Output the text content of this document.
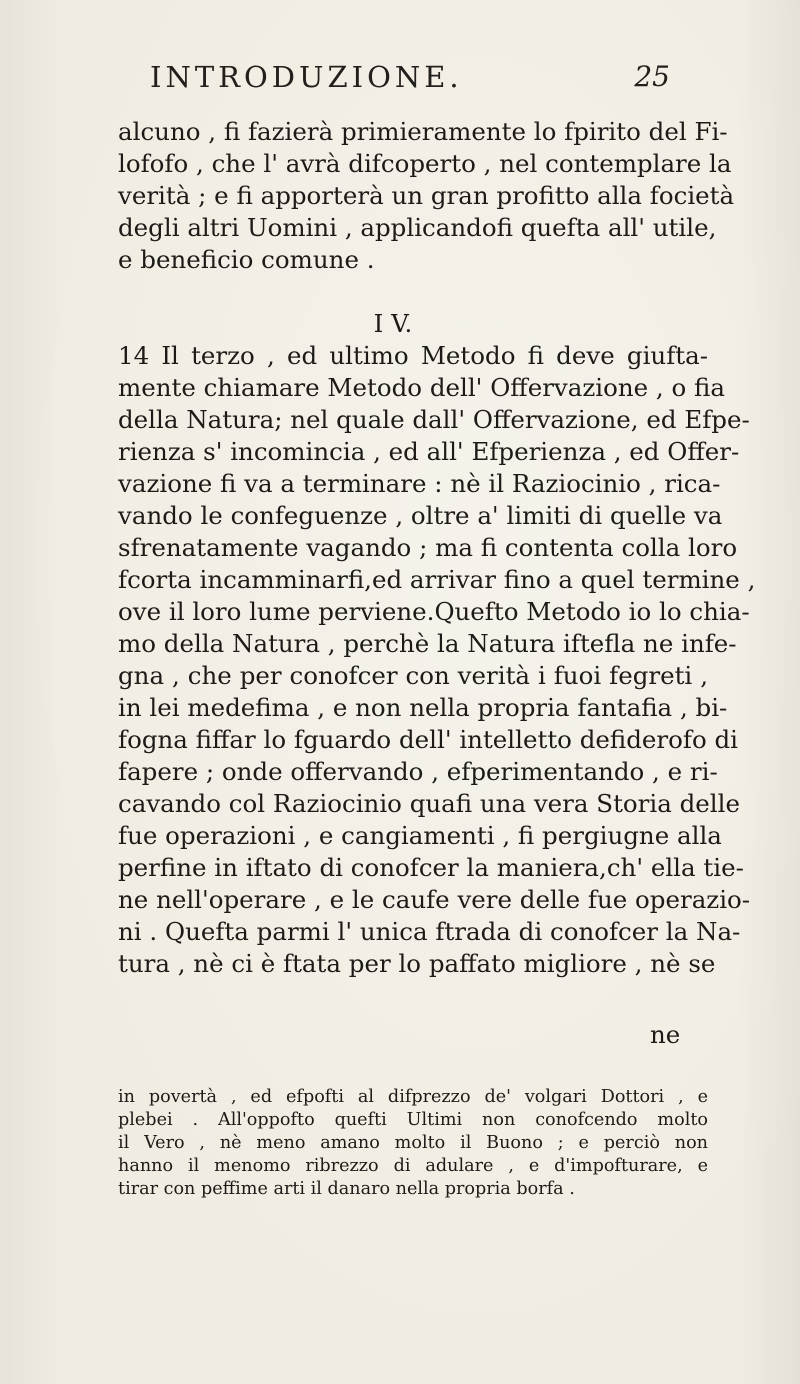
INTRODUZIONE.	25
alcuno , fi fazierà primieramente lo fpirito del Fi-
lofofo , che l' avrà difcoperto , nel contemplare la
verità ; e fi apporterà un gran profitto alla focietà
degli altri Uomini , applicandofi quefta all' utile,
e beneficio comune .
I V.
14 Il terzo , ed ultimo Metodo fi deve giufta-
mente chiamare Metodo dell' Offervazione , o fia
della Natura; nel quale dall' Offervazione, ed Efpe-
rienza s' incomincia , ed all' Efperienza , ed Offer-
vazione fi va a terminare : nè il Raziocinio , rica-
vando le confeguenze , oltre a' limiti di quelle va
sfrenatamente vagando ; ma fi contenta colla loro
fcorta incamminarfi,ed arrivar fino a quel termine ,
ove il loro lume perviene.Quefto Metodo io lo chia-
mo della Natura , perchè la Natura iftefla ne infe-
gna , che per conofcer con verità i fuoi fegreti ,
in lei medefima , e non nella propria fantafia , bi-
fogna fiffar lo fguardo dell' intelletto defiderofo di
fapere ; onde offervando , efperimentando , e ri-
cavando col Raziocinio quafi una vera Storia delle
fue operazioni , e cangiamenti , fi pergiugne alla
perfine in iftato di conofcer la maniera,ch' ella tie-
ne nell'operare , e le caufe vere delle fue operazio-
ni . Quefta parmi l' unica ftrada di conofcer la Na-
tura , nè ci è ftata per lo paffato migliore , nè se
ne
in povertà , ed efpofti al difprezzo de' volgari Dottori , e
plebei . All'oppofto quefti Ultimi non conofcendo molto
il Vero , nè meno amano molto il Buono ; e perciò non
hanno il menomo ribrezzo di adulare , e d'impofturare, e
tirar con peffime arti il danaro nella propria borfa .
